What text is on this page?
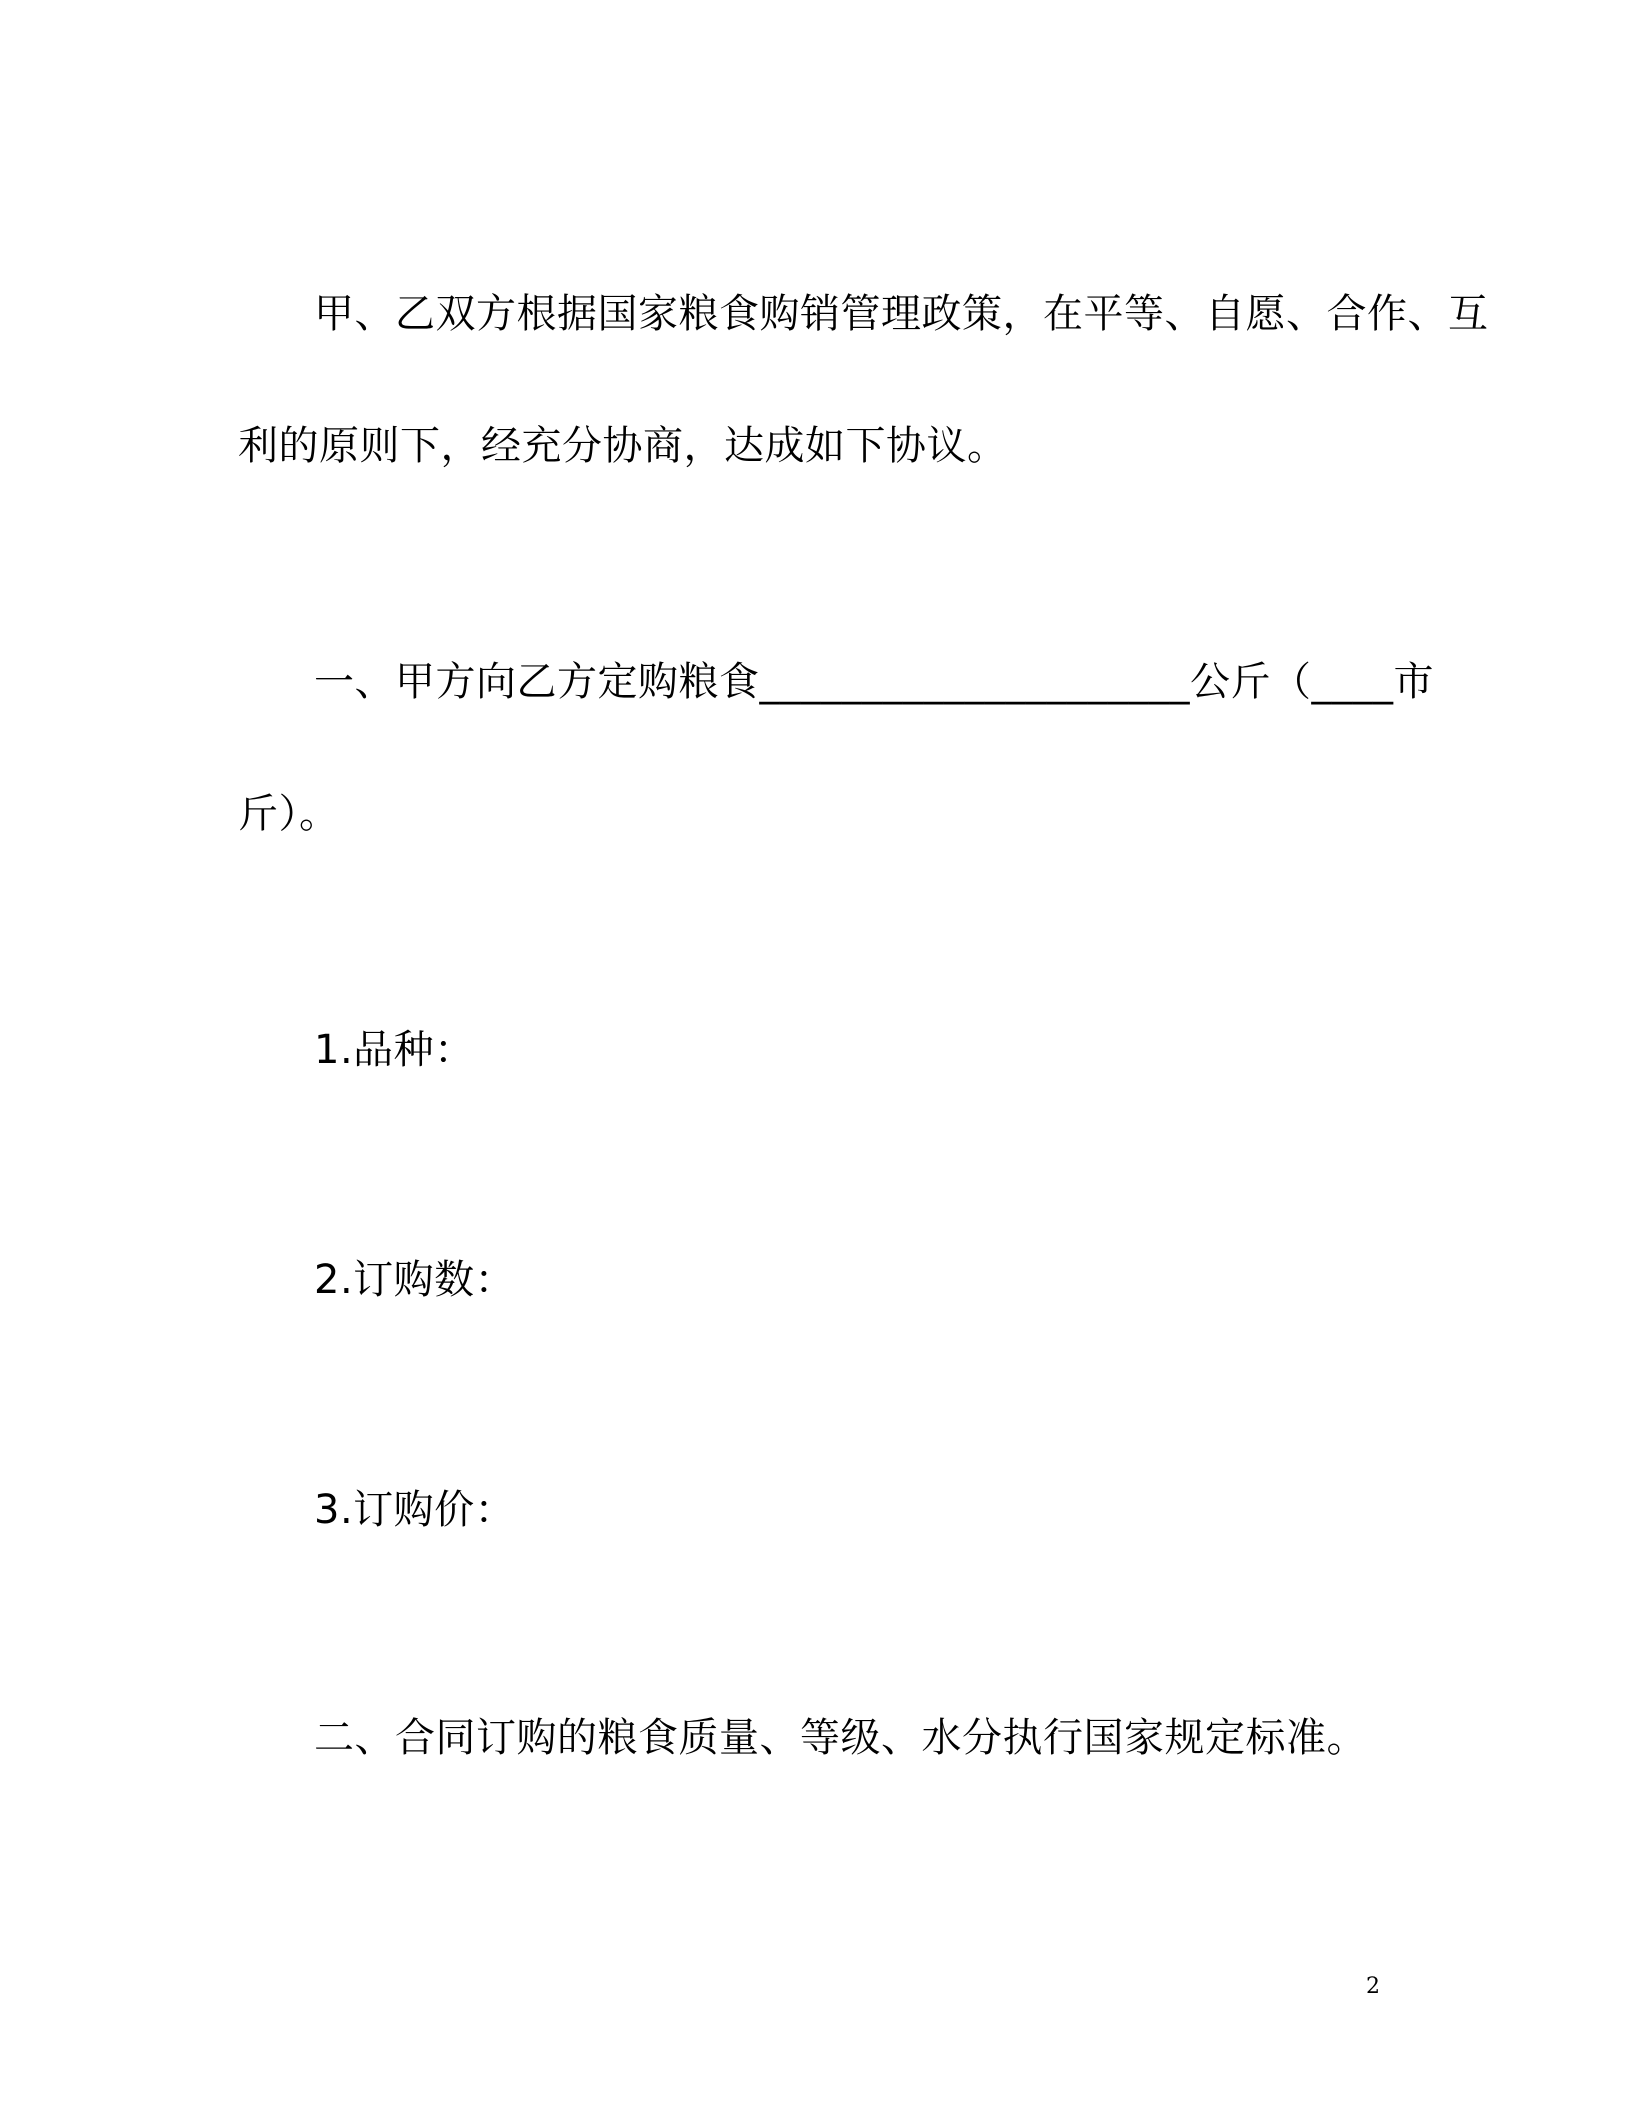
甲、乙双方根据国家粮食购销管理政策，在平等、自愿、合作、互
利的原则下，经充分协商，达成如下协议。
一、甲方向乙方定购粮食_____________________公斤（____市
斤）。
1.品种：
2.订购数：
3.订购价：
二、合同订购的粮食质量、等级、水分执行国家规定标准。
2
